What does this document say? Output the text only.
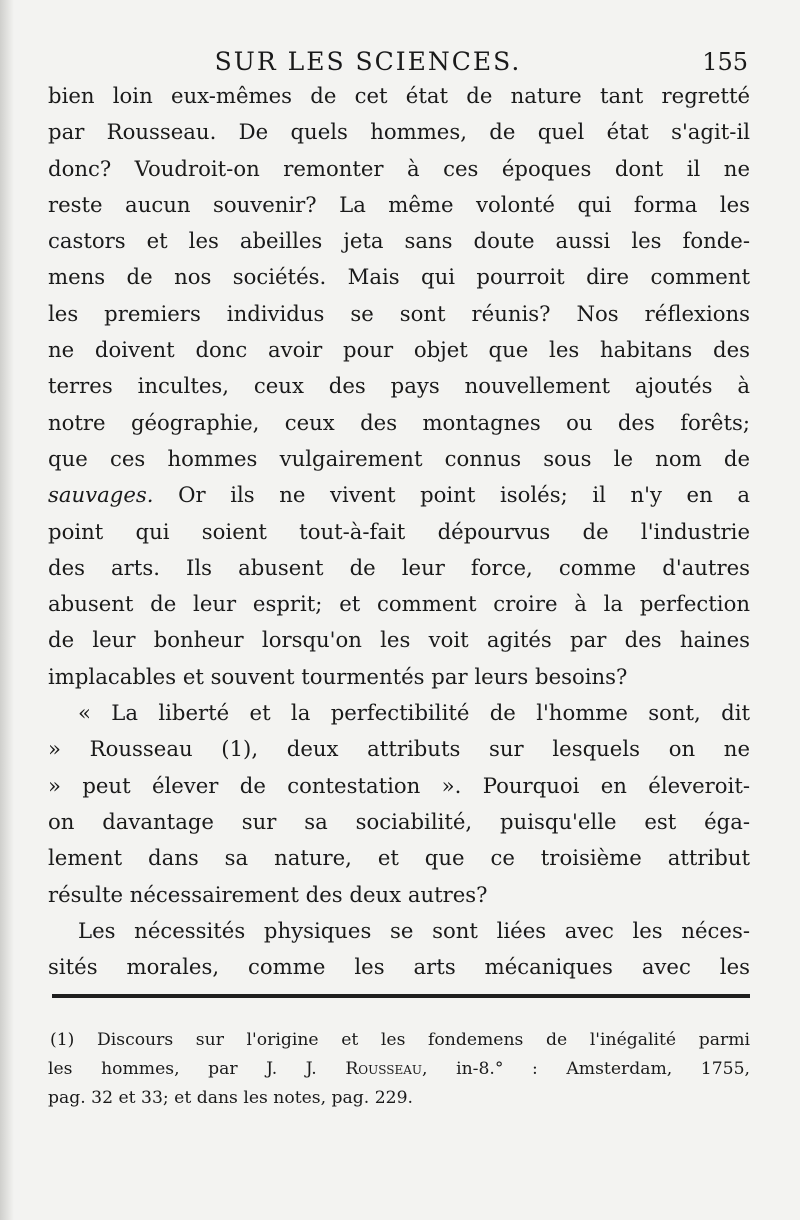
SUR LES SCIENCES.	155
bien loin eux-mêmes de cet état de nature tant regretté
par Rousseau. De quels hommes, de quel état s'agit-il
donc? Voudroit-on remonter à ces époques dont il ne
reste aucun souvenir? La même volonté qui forma les
castors et les abeilles jeta sans doute aussi les fonde-
mens de nos sociétés. Mais qui pourroit dire comment
les premiers individus se sont réunis? Nos réflexions
ne doivent donc avoir pour objet que les habitans des
terres incultes, ceux des pays nouvellement ajoutés à
notre géographie, ceux des montagnes ou des forêts;
que ces hommes vulgairement connus sous le nom de
sauvages. Or ils ne vivent point isolés; il n'y en a
point qui soient tout-à-fait dépourvus de l'industrie
des arts. Ils abusent de leur force, comme d'autres
abusent de leur esprit; et comment croire à la perfection
de leur bonheur lorsqu'on les voit agités par des haines
implacables et souvent tourmentés par leurs besoins?
« La liberté et la perfectibilité de l'homme sont, dit
» Rousseau (1), deux attributs sur lesquels on ne
» peut élever de contestation ». Pourquoi en éleveroit-
on davantage sur sa sociabilité, puisqu'elle est éga-
lement dans sa nature, et que ce troisième attribut
résulte nécessairement des deux autres?
Les nécessités physiques se sont liées avec les néces-
sités morales, comme les arts mécaniques avec les
(1) Discours sur l'origine et les fondemens de l'inégalité parmi
les hommes, par J. J. Rousseau, in-8.° : Amsterdam, 1755,
pag. 32 et 33; et dans les notes, pag. 229.
